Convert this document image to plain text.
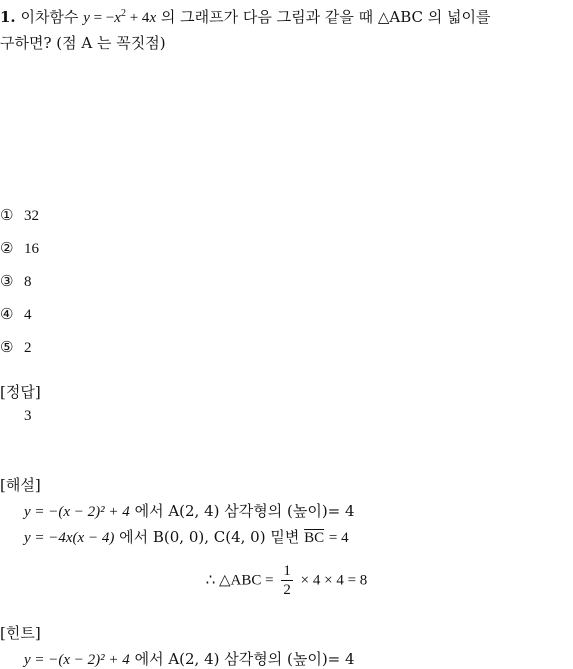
1. 이차함수 $y = -x^2 + 4x$ 의 그래프가 다음 그림과 같을 때 △ABC 의 넓이를
구하면? (점 A 는 꼭짓점)
① 32
② 16
③ 8
④ 4
⑤ 2
[정답]
3
[해설]
y = −(x − 2)² + 4 에서 A(2, 4) 삼각형의 (높이)= 4
y = −4x(x − 4) 에서 B(0, 0), C(4, 0) 밑변 $\overline{BC} = 4$
∴ △ABC = $\frac{1}{2} \times 4 \times 4 = 8$
[힌트]
y = −(x − 2)² + 4 에서 A(2, 4) 삼각형의 (높이)= 4
